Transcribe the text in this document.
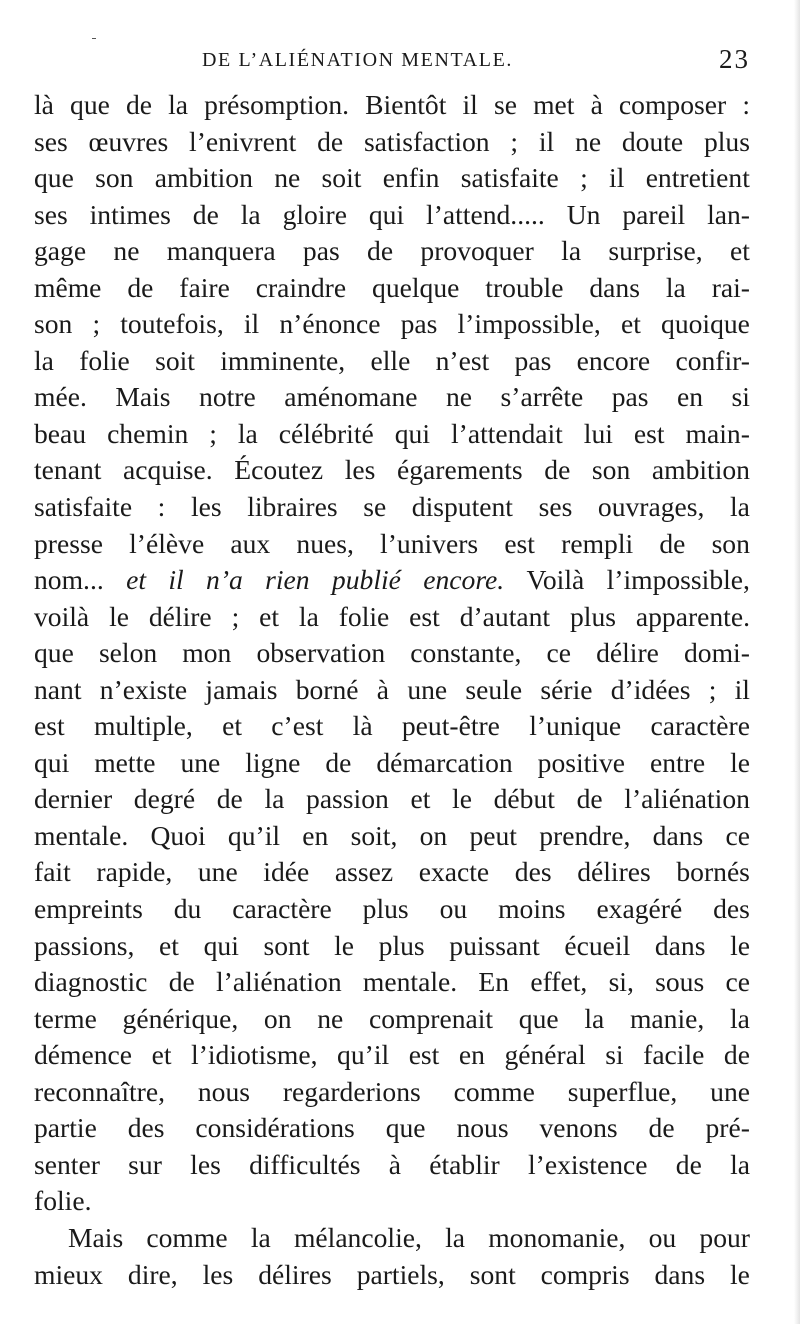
DE L’ALIÉNATION MENTALE.	23
là que de la présomption. Bientôt il se met à composer :
ses œuvres l’enivrent de satisfaction ; il ne doute plus
que son ambition ne soit enfin satisfaite ; il entretient
ses intimes de la gloire qui l’attend..... Un pareil lan-
gage ne manquera pas de provoquer la surprise, et
même de faire craindre quelque trouble dans la rai-
son ; toutefois, il n’énonce pas l’impossible, et quoique
la folie soit imminente, elle n’est pas encore confir-
mée. Mais notre aménomane ne s’arrête pas en si
beau chemin ; la célébrité qui l’attendait lui est main-
tenant acquise. Écoutez les égarements de son ambition
satisfaite : les libraires se disputent ses ouvrages, la
presse l’élève aux nues, l’univers est rempli de son
nom... et il n’a rien publié encore. Voilà l’impossible,
voilà le délire ; et la folie est d’autant plus apparente.
que selon mon observation constante, ce délire domi-
nant n’existe jamais borné à une seule série d’idées ; il
est multiple, et c’est là peut-être l’unique caractère
qui mette une ligne de démarcation positive entre le
dernier degré de la passion et le début de l’aliénation
mentale. Quoi qu’il en soit, on peut prendre, dans ce
fait rapide, une idée assez exacte des délires bornés
empreints du caractère plus ou moins exagéré des
passions, et qui sont le plus puissant écueil dans le
diagnostic de l’aliénation mentale. En effet, si, sous ce
terme générique, on ne comprenait que la manie, la
démence et l’idiotisme, qu’il est en général si facile de
reconnaître, nous regarderions comme superflue, une
partie des considérations que nous venons de pré-
senter sur les difficultés à établir l’existence de la
folie.
Mais comme la mélancolie, la monomanie, ou pour
mieux dire, les délires partiels, sont compris dans le
